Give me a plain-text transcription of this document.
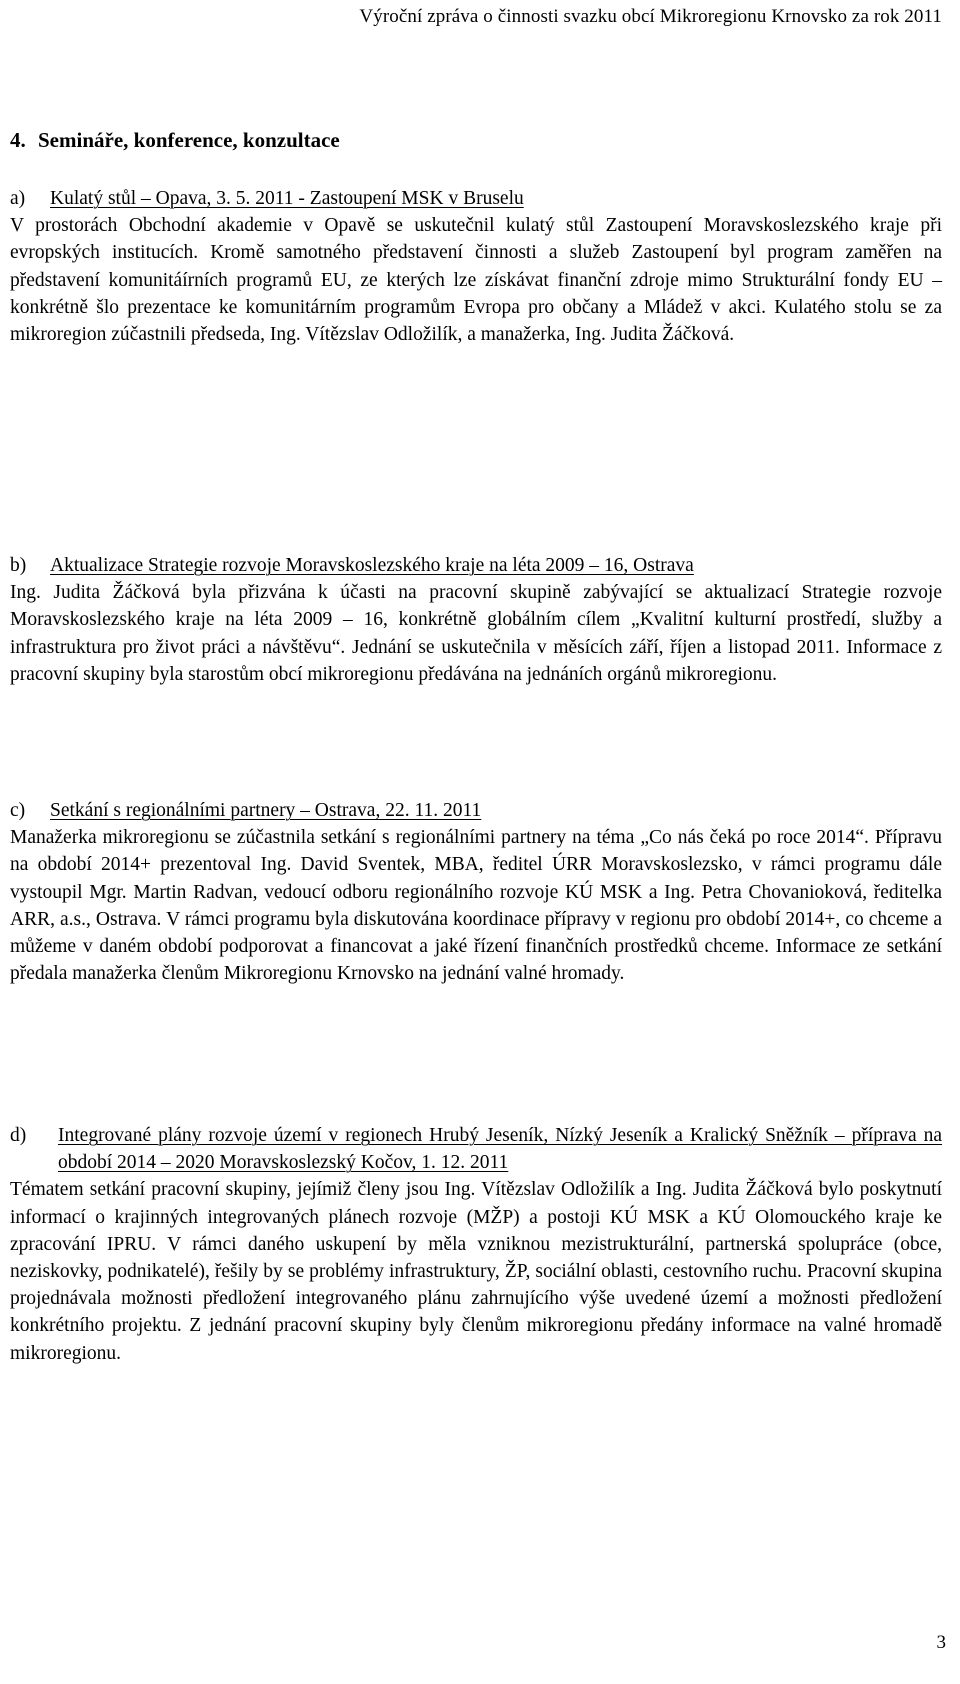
Výroční zpráva o činnosti svazku obcí Mikroregionu Krnovsko za rok 2011
4. Semináře, konference, konzultace
a)	Kulatý stůl – Opava, 3. 5. 2011 - Zastoupení MSK v Bruselu

V prostorách Obchodní akademie v Opavě se uskutečnil kulatý stůl Zastoupení Moravskoslezského kraje při evropských institucích. Kromě samotného představení činnosti a služeb Zastoupení byl program zaměřen na představení komunitáírních programů EU, ze kterých lze získávat finanční zdroje mimo Strukturální fondy EU – konkrétně šlo prezentace ke komunitárním programům Evropa pro občany a Mládež v akci. Kulatého stolu se za mikroregion zúčastnili předseda, Ing. Vítězslav Odložilík, a manažerka, Ing. Judita Žáčková.

b)	Aktualizace Strategie rozvoje Moravskoslezského kraje na léta 2009 – 16, Ostrava

Ing. Judita Žáčková byla přizvána k účasti na pracovní skupině zabývající se aktualizací Strategie rozvoje Moravskoslezského kraje na léta 2009 – 16, konkrétně globálním cílem „Kvalitní kulturní prostředí, služby a infrastruktura pro život práci a návštěvu“. Jednání se uskutečnila v měsících září, říjen a listopad 2011. Informace z pracovní skupiny byla starostům obcí mikroregionu předávána na jednáních orgánů mikroregionu.

c)	Setkání s regionálními partnery – Ostrava, 22. 11. 2011

Manažerka mikroregionu se zúčastnila setkání s regionálními partnery na téma „Co nás čeká po roce 2014“. Přípravu na období 2014+ prezentoval Ing. David Sventek, MBA, ředitel ÚRR Moravskoslezsko, v rámci programu dále vystoupil Mgr. Martin Radvan, vedoucí odboru regionálního rozvoje KÚ MSK a Ing. Petra Chovanioková, ředitelka ARR, a.s., Ostrava. V rámci programu byla diskutována koordinace přípravy v regionu pro období 2014+, co chceme a můžeme v daném období podporovat a financovat a jaké řízení finančních prostředků chceme. Informace ze setkání předala manažerka členům Mikroregionu Krnovsko na jednání valné hromady.

d)	Integrované plány rozvoje území v regionech Hrubý Jeseník, Nízký Jeseník a Kralický Sněžník – příprava na období 2014 – 2020 Moravskoslezský Kočov, 1. 12. 2011

Tématem setkání pracovní skupiny, jejímiž členy jsou Ing. Vítězslav Odložilík a Ing. Judita Žáčková bylo poskytnutí informací o krajinných integrovaných plánech rozvoje (MŽP) a postoji KÚ MSK a KÚ Olomouckého kraje ke zpracování IPRU. V rámci daného uskupení by měla vzniknou mezistrukturální, partnerská spolupráce (obce, neziskovky, podnikatelé), řešily by se problémy infrastruktury, ŽP, sociální oblasti, cestovního ruchu. Pracovní skupina projednávala možnosti předložení integrovaného plánu zahrnujícího výše uvedené území a možnosti předložení konkrétního projektu. Z jednání pracovní skupiny byly členům mikroregionu předány informace na valné hromadě mikroregionu.

3
